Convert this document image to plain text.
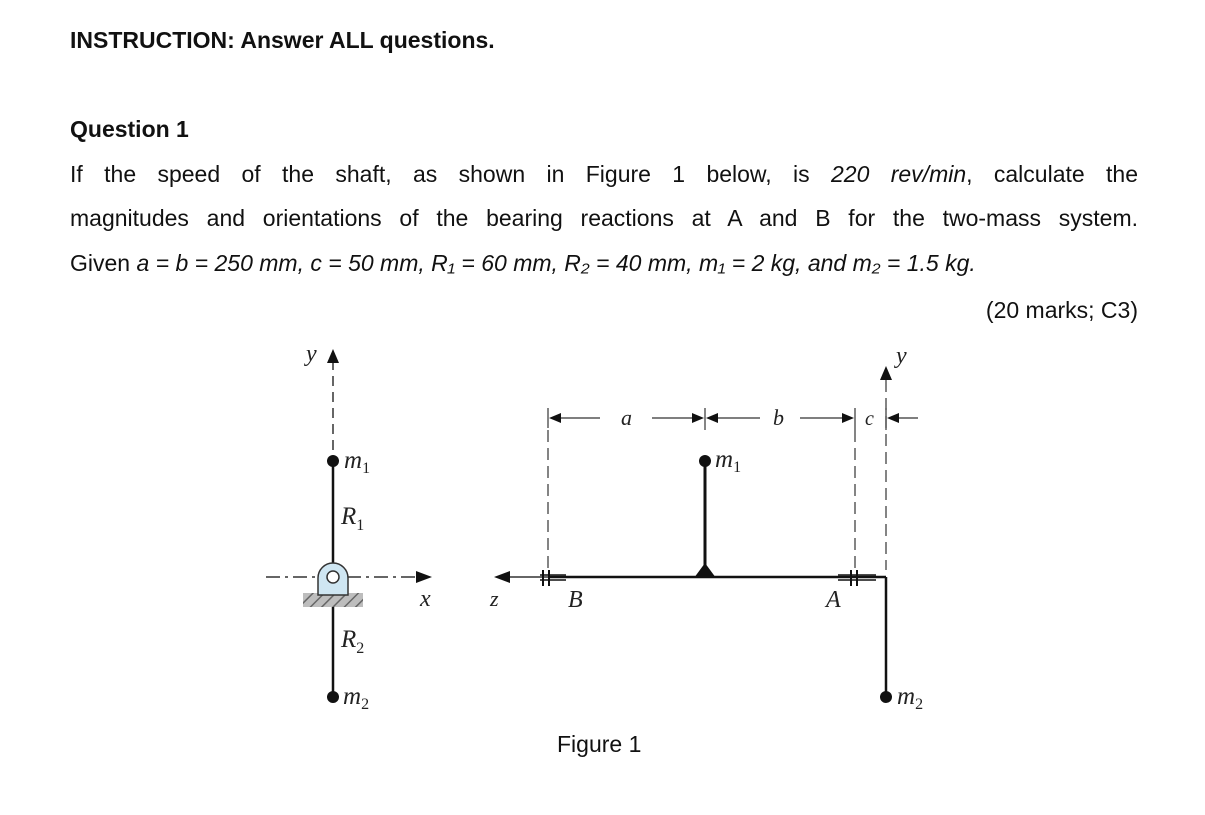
INSTRUCTION: Answer ALL questions.
Question 1
If the speed of the shaft, as shown in Figure 1 below, is 220 rev/min, calculate the
magnitudes and orientations of the bearing reactions at A and B for the two-mass system.
Given a = b = 250 mm, c = 50 mm, R₁ = 60 mm, R₂ = 40 mm, m₁ = 2 kg, and m₂ = 1.5 kg.
(20 marks; C3)
y
x
$m_1$
$R_1$
$R_2$
$m_2$
z	B	A
$m_1$
$m_2$
y
a	b	c
Figure 1
